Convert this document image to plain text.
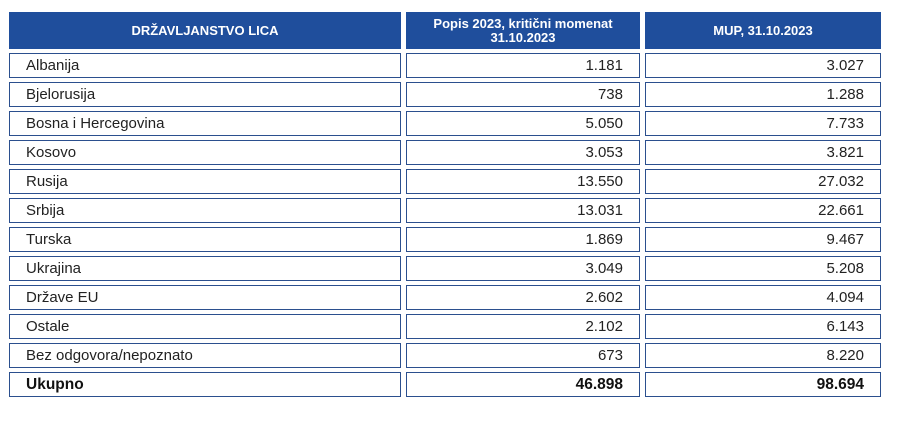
DRŽAVLJANSTVO LICA	Popis 2023, kritični momenat 31.10.2023	MUP, 31.10.2023
Albanija	1.181	3.027
Bjelorusija	738	1.288
Bosna i Hercegovina	5.050	7.733
Kosovo	3.053	3.821
Rusija	13.550	27.032
Srbija	13.031	22.661
Turska	1.869	9.467
Ukrajina	3.049	5.208
Države EU	2.602	4.094
Ostale	2.102	6.143
Bez odgovora/nepoznato	673	8.220
Ukupno	46.898	98.694
